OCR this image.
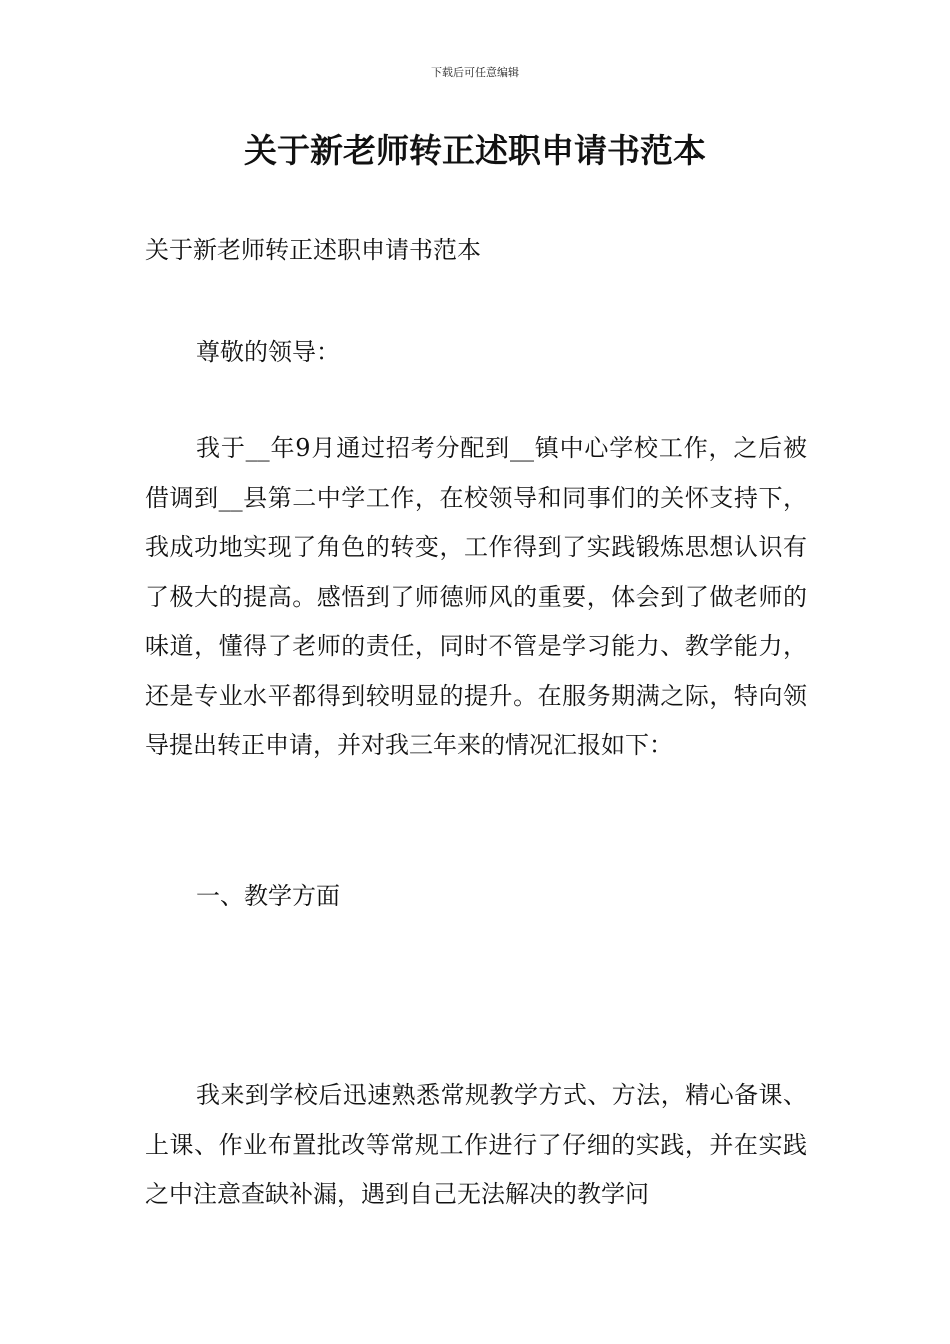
下载后可任意编辑
关于新老师转正述职申请书范本

关于新老师转正述职申请书范本

尊敬的领导：

我于__年9月通过招考分配到__镇中心学校工作，之后被借调到__县第二中学工作，在校领导和同事们的关怀支持下，我成功地实现了角色的转变，工作得到了实践锻炼思想认识有了极大的提高。感悟到了师德师风的重要，体会到了做老师的味道，懂得了老师的责任，同时不管是学习能力、教学能力，还是专业水平都得到较明显的提升。在服务期满之际，特向领导提出转正申请，并对我三年来的情况汇报如下：

一、教学方面

我来到学校后迅速熟悉常规教学方式、方法，精心备课、上课、作业布置批改等常规工作进行了仔细的实践，并在实践之中注意查缺补漏，遇到自己无法解决的教学问
